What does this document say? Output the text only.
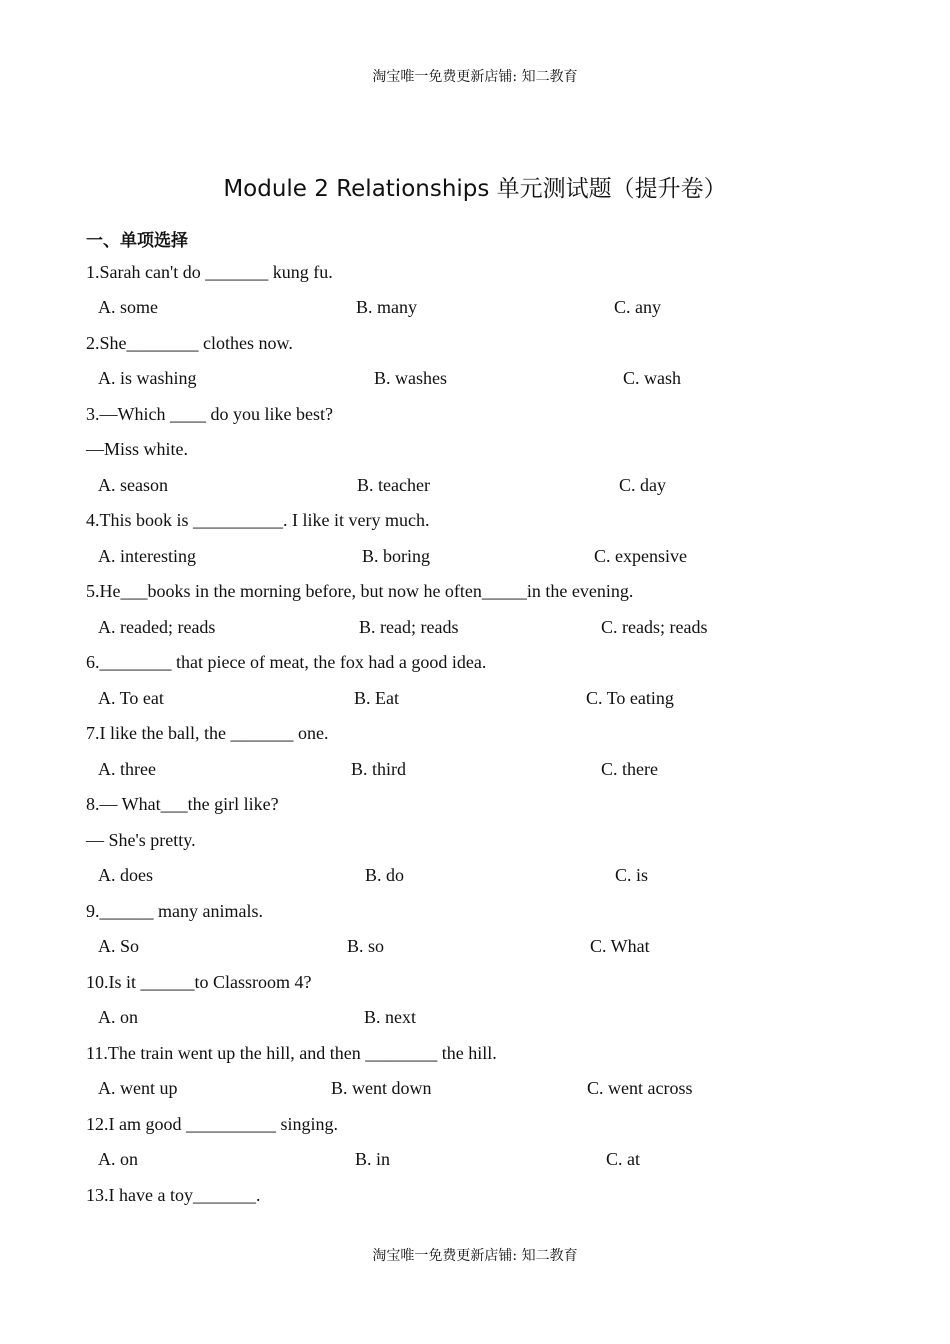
淘宝唯一免费更新店铺: 知二教育
Module 2 Relationships 单元测试题（提升卷）
一、单项选择
1.Sarah can't do _______ kung fu.
A. some	B. many	C. any
2.She________ clothes now.
A. is washing	B. washes	C. wash
3.—Which ____ do you like best?
—Miss white.
A. season	B. teacher	C. day
4.This book is __________. I like it very much.
A. interesting	B. boring	C. expensive
5.He___books in the morning before, but now he often_____in the evening.
A. readed; reads	B. read; reads	C. reads; reads
6.________ that piece of meat, the fox had a good idea.
A. To eat	B. Eat	C. To eating
7.I like the ball, the _______ one.
A. three	B. third	C. there
8.— What___the girl like?
— She's pretty.
A. does	B. do	C. is
9.______ many animals.
A. So	B. so	C. What
10.Is it ______to Classroom 4?
A. on	B. next
11.The train went up the hill, and then ________ the hill.
A. went up	B. went down	C. went across
12.I am good __________ singing.
A. on	B. in	C. at
13.I have a toy_______.
淘宝唯一免费更新店铺: 知二教育
